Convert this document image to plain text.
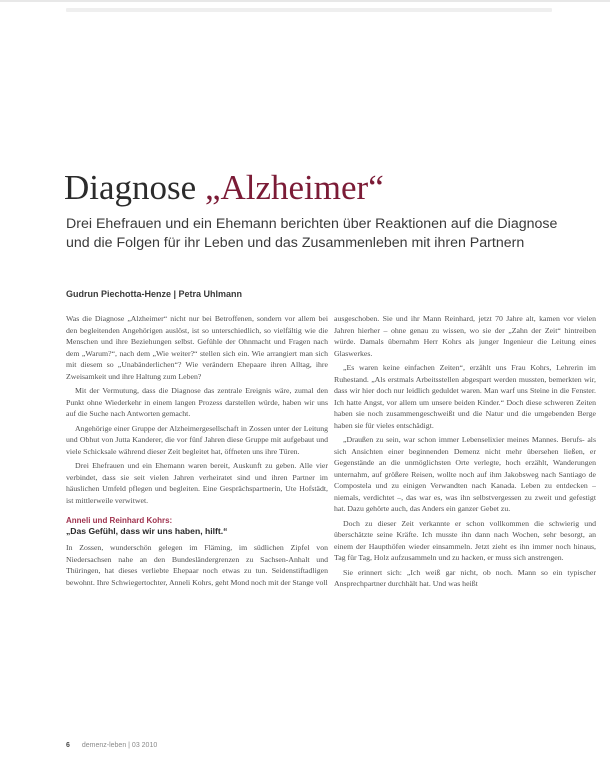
Diagnose „Alzheimer“

Drei Ehefrauen und ein Ehemann berichten über Reaktionen auf die Diagnose und die Folgen für ihr Leben und das Zusammenleben mit ihren Partnern

Gudrun Piechotta-Henze | Petra Uhlmann

Was die Diagnose „Alzheimer“ nicht nur bei Betroffenen, sondern vor allem bei den begleitenden Angehörigen auslöst, ist so unterschiedlich, so vielfältig wie die Menschen und ihre Beziehungen selbst. Gefühle der Ohnmacht und Fragen nach dem „Warum?“, nach dem „Wie weiter?“ stellen sich ein. Wie arrangiert man sich mit diesem so „Unabänderlichen“? Wie verändern Ehepaare ihren Alltag, ihre Zweisamkeit und ihre Haltung zum Leben?

Mit der Vermutung, dass die Diagnose das zentrale Ereignis wäre, zumal den Punkt ohne Wiederkehr in einem langen Prozess darstellen würde, haben wir uns auf die Suche nach Antworten gemacht.

Angehörige einer Gruppe der Alzheimergesellschaft in Zossen unter der Leitung und Obhut von Jutta Kanderer, die vor fünf Jahren diese Gruppe mit aufgebaut und viele Schicksale während dieser Zeit begleitet hat, öffneten uns ihre Türen.

Drei Ehefrauen und ein Ehemann waren bereit, Auskunft zu geben. Alle vier verbindet, dass sie seit vielen Jahren verheiratet sind und ihren Partner im häuslichen Umfeld pflegen und begleiten. Eine Gesprächspartnerin, Ute Hofstädt, ist mittlerweile verwitwet.

Anneli und Reinhard Kohrs:

„Das Gefühl, dass wir uns haben, hilft.“

In Zossen, wunderschön gelegen im Fläming, im südlichen Zipfel von Niedersachsen nahe an den Bundesländergrenzen zu Sachsen-Anhalt und Thüringen, hat dieses verliebte Ehepaar noch etwas zu tun. Seidenstiftadligen bewohnt. Ihre Schwiegertochter, Anneli Kohrs, geht Mond noch mit der Stange voll

ausgeschoben. Sie und ihr Mann Reinhard, jetzt 70 Jahre alt, kamen vor vielen Jahren hierher – ohne genau zu wissen, wo sie der „Zahn der Zeit“ hintreiben würde. Damals übernahm Herr Kohrs als junger Ingenieur die Leitung eines Glaswerkes.

„Es waren keine einfachen Zeiten“, erzählt uns Frau Kohrs, Lehrerin im Ruhestand. „Als erstmals Arbeitsstellen abgespart werden mussten, bemerkten wir, dass wir hier doch nur leidlich geduldet waren. Man warf uns Steine in die Fenster. Ich hatte Angst, vor allem um unsere beiden Kinder.“ Doch diese schweren Zeiten haben sie noch zusammengeschweißt und die Natur und die umgebenden Berge haben sie für vieles entschädigt.

„Draußen zu sein, war schon immer Lebenselixier meines Mannes. Berufs- als sich Ansichten einer beginnenden Demenz nicht mehr übersehen ließen, er Gegenstände an die unmöglichsten Orte verlegte, hoch erzählt, Wanderungen unternahm, auf größere Reisen, wollte noch auf ihm Jakobsweg nach Santiago de Compostela und zu einigen Verwandten nach Kanada. Leben zu entdecken – niemals, verdichtet –, das war es, was ihn selbstvergessen zu zweit und gefestigt hat. Dazu gehörte auch, das Anders ein ganzer Gebet zu.

Doch zu dieser Zeit verkannte er schon vollkommen die schwierig und überschätzte seine Kräfte. Ich musste ihn dann nach Wochen, sehr besorgt, an einem der Haupthöfen wieder einsammeln. Jetzt zieht es ihn immer noch hinaus, Tag für Tag, Holz aufzusammeln und zu hacken, er muss sich anstrengen.

Sie erinnert sich: „Ich weiß gar nicht, ob noch. Mann so ein typischer Ansprechpartner durchhält hat. Und was heißt

6 demenz-leben | 03 2010
